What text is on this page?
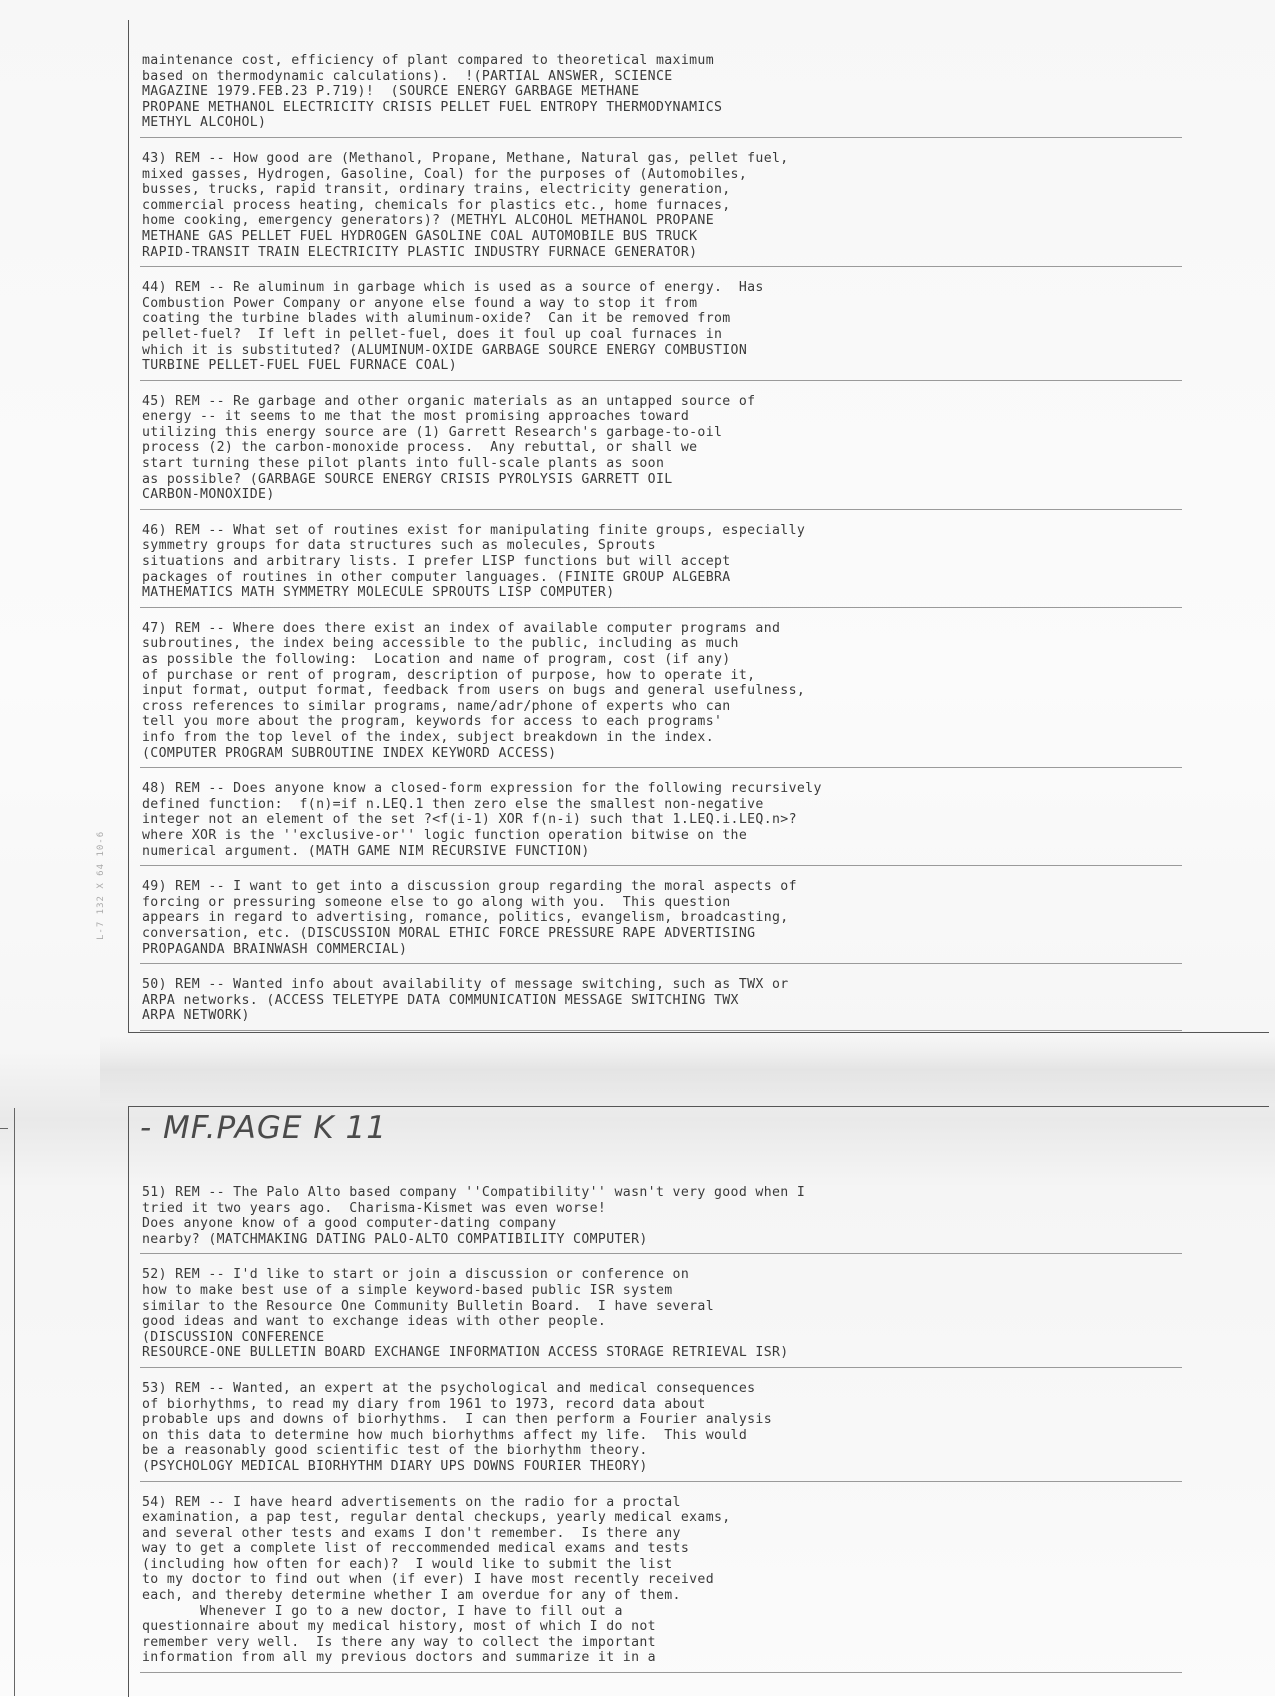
L-7 132 X 64 10-6
maintenance cost, efficiency of plant compared to theoretical maximum
based on thermodynamic calculations).  !(PARTIAL ANSWER, SCIENCE
MAGAZINE 1979.FEB.23 P.719)!  (SOURCE ENERGY GARBAGE METHANE
PROPANE METHANOL ELECTRICITY CRISIS PELLET FUEL ENTROPY THERMODYNAMICS
METHYL ALCOHOL)
43) REM -- How good are (Methanol, Propane, Methane, Natural gas, pellet fuel,
mixed gasses, Hydrogen, Gasoline, Coal) for the purposes of (Automobiles,
busses, trucks, rapid transit, ordinary trains, electricity generation,
commercial process heating, chemicals for plastics etc., home furnaces,
home cooking, emergency generators)? (METHYL ALCOHOL METHANOL PROPANE
METHANE GAS PELLET FUEL HYDROGEN GASOLINE COAL AUTOMOBILE BUS TRUCK
RAPID-TRANSIT TRAIN ELECTRICITY PLASTIC INDUSTRY FURNACE GENERATOR)
44) REM -- Re aluminum in garbage which is used as a source of energy.  Has
Combustion Power Company or anyone else found a way to stop it from
coating the turbine blades with aluminum-oxide?  Can it be removed from
pellet-fuel?  If left in pellet-fuel, does it foul up coal furnaces in
which it is substituted? (ALUMINUM-OXIDE GARBAGE SOURCE ENERGY COMBUSTION
TURBINE PELLET-FUEL FUEL FURNACE COAL)
45) REM -- Re garbage and other organic materials as an untapped source of
energy -- it seems to me that the most promising approaches toward
utilizing this energy source are (1) Garrett Research's garbage-to-oil
process (2) the carbon-monoxide process.  Any rebuttal, or shall we
start turning these pilot plants into full-scale plants as soon
as possible? (GARBAGE SOURCE ENERGY CRISIS PYROLYSIS GARRETT OIL
CARBON-MONOXIDE)
46) REM -- What set of routines exist for manipulating finite groups, especially
symmetry groups for data structures such as molecules, Sprouts
situations and arbitrary lists. I prefer LISP functions but will accept
packages of routines in other computer languages. (FINITE GROUP ALGEBRA
MATHEMATICS MATH SYMMETRY MOLECULE SPROUTS LISP COMPUTER)
47) REM -- Where does there exist an index of available computer programs and
subroutines, the index being accessible to the public, including as much
as possible the following:  Location and name of program, cost (if any)
of purchase or rent of program, description of purpose, how to operate it,
input format, output format, feedback from users on bugs and general usefulness,
cross references to similar programs, name/adr/phone of experts who can
tell you more about the program, keywords for access to each programs'
info from the top level of the index, subject breakdown in the index.
(COMPUTER PROGRAM SUBROUTINE INDEX KEYWORD ACCESS)
48) REM -- Does anyone know a closed-form expression for the following recursively
defined function:  f(n)=if n.LEQ.1 then zero else the smallest non-negative
integer not an element of the set ?<f(i-1) XOR f(n-i) such that 1.LEQ.i.LEQ.n>?
where XOR is the ''exclusive-or'' logic function operation bitwise on the
numerical argument. (MATH GAME NIM RECURSIVE FUNCTION)
49) REM -- I want to get into a discussion group regarding the moral aspects of
forcing or pressuring someone else to go along with you.  This question
appears in regard to advertising, romance, politics, evangelism, broadcasting,
conversation, etc. (DISCUSSION MORAL ETHIC FORCE PRESSURE RAPE ADVERTISING
PROPAGANDA BRAINWASH COMMERCIAL)
50) REM -- Wanted info about availability of message switching, such as TWX or
ARPA networks. (ACCESS TELETYPE DATA COMMUNICATION MESSAGE SWITCHING TWX
ARPA NETWORK)
- MF.PAGE K 11
51) REM -- The Palo Alto based company ''Compatibility'' wasn't very good when I
tried it two years ago.  Charisma-Kismet was even worse!
Does anyone know of a good computer-dating company
nearby? (MATCHMAKING DATING PALO-ALTO COMPATIBILITY COMPUTER)
52) REM -- I'd like to start or join a discussion or conference on
how to make best use of a simple keyword-based public ISR system
similar to the Resource One Community Bulletin Board.  I have several
good ideas and want to exchange ideas with other people.
(DISCUSSION CONFERENCE
RESOURCE-ONE BULLETIN BOARD EXCHANGE INFORMATION ACCESS STORAGE RETRIEVAL ISR)
53) REM -- Wanted, an expert at the psychological and medical consequences
of biorhythms, to read my diary from 1961 to 1973, record data about
probable ups and downs of biorhythms.  I can then perform a Fourier analysis
on this data to determine how much biorhythms affect my life.  This would
be a reasonably good scientific test of the biorhythm theory.
(PSYCHOLOGY MEDICAL BIORHYTHM DIARY UPS DOWNS FOURIER THEORY)
54) REM -- I have heard advertisements on the radio for a proctal
examination, a pap test, regular dental checkups, yearly medical exams,
and several other tests and exams I don't remember.  Is there any
way to get a complete list of reccommended medical exams and tests
(including how often for each)?  I would like to submit the list
to my doctor to find out when (if ever) I have most recently received
each, and thereby determine whether I am overdue for any of them.
Whenever I go to a new doctor, I have to fill out a
questionnaire about my medical history, most of which I do not
remember very well.  Is there any way to collect the important
information from all my previous doctors and summarize it in a
